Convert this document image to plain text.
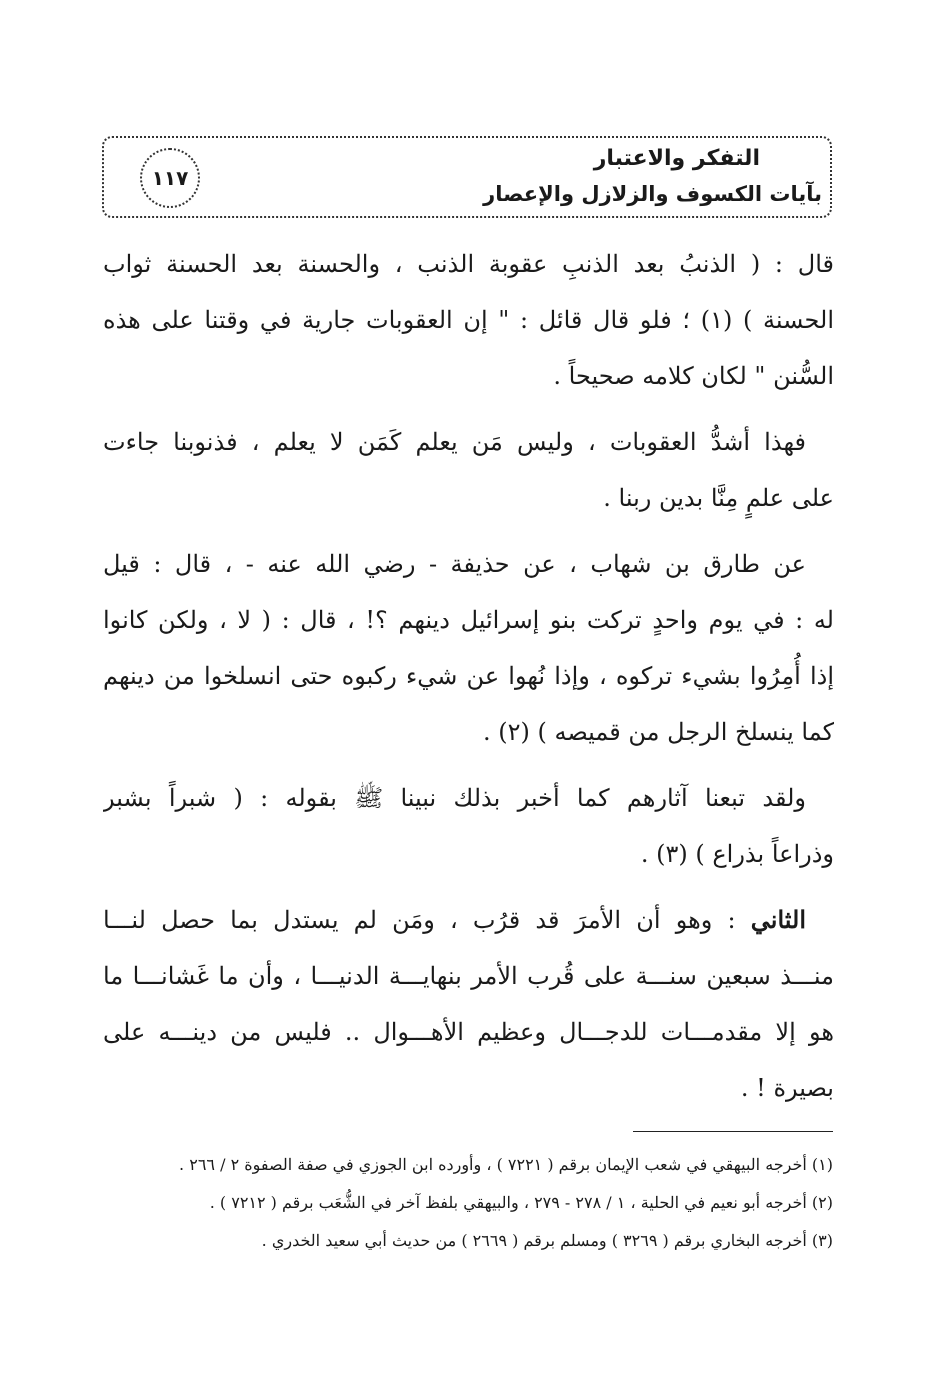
١١٧
التفكر والاعتبار
بآيات الكسوف والزلازل والإعصار
قال : ( الذنبُ بعد الذنبِ عقوبة الذنب ، والحسنة بعد الحسنة ثواب
الحسنة ) (١) ؛ فلو قال قائل : " إن العقوبات جارية في وقتنا على هذه
السُّنن " لكان كلامه صحيحاً .
فهذا أشدُّ العقوبات ، وليس مَن يعلم كَمَن لا يعلم ، فذنوبنا جاءت
على علمٍ مِنَّا بدين ربنا .
عن طارق بن شهاب ، عن حذيفة - رضي الله عنه - ، قال : قيل
له : في يوم واحدٍ تركت بنو إسرائيل دينهم ؟! ، قال : ( لا ، ولكن كانوا
إذا أُمِرُوا بشيء تركوه ، وإذا نُهوا عن شيء ركبوه حتى انسلخوا من دينهم
كما ينسلخ الرجل من قميصه ) (٢) .
ولقد تبعنا آثارهم كما أخبر بذلك نبينا ﷺ بقوله : ( شبراً بشبر
وذراعاً بذراع ) (٣) .
الثاني : وهو أن الأمرَ قد قرُب ، ومَن لم يستدل بما حصل لنـــا
منـــذ سبعين سنـــة على قُرب الأمر بنهايـــة الدنيـــا ، وأن ما غَشانـــا ما
هو إلا مقدمـــات للدجـــال وعظيم الأهـــوال .. فليس من دينـــه على
بصيرة ! .
(١) أخرجه البيهقي في شعب الإيمان برقم ( ٧٢٢١ ) ، وأورده ابن الجوزي في صفة الصفوة ٢ / ٢٦٦ .
(٢) أخرجه أبو نعيم في الحلية ، ١ / ٢٧٨ - ٢٧٩ ، والبيهقي بلفظ آخر في الشُّعَب برقم ( ٧٢١٢ ) .
(٣) أخرجه البخاري برقم ( ٣٢٦٩ ) ومسلم برقم ( ٢٦٦٩ ) من حديث أبي سعيد الخدري .
